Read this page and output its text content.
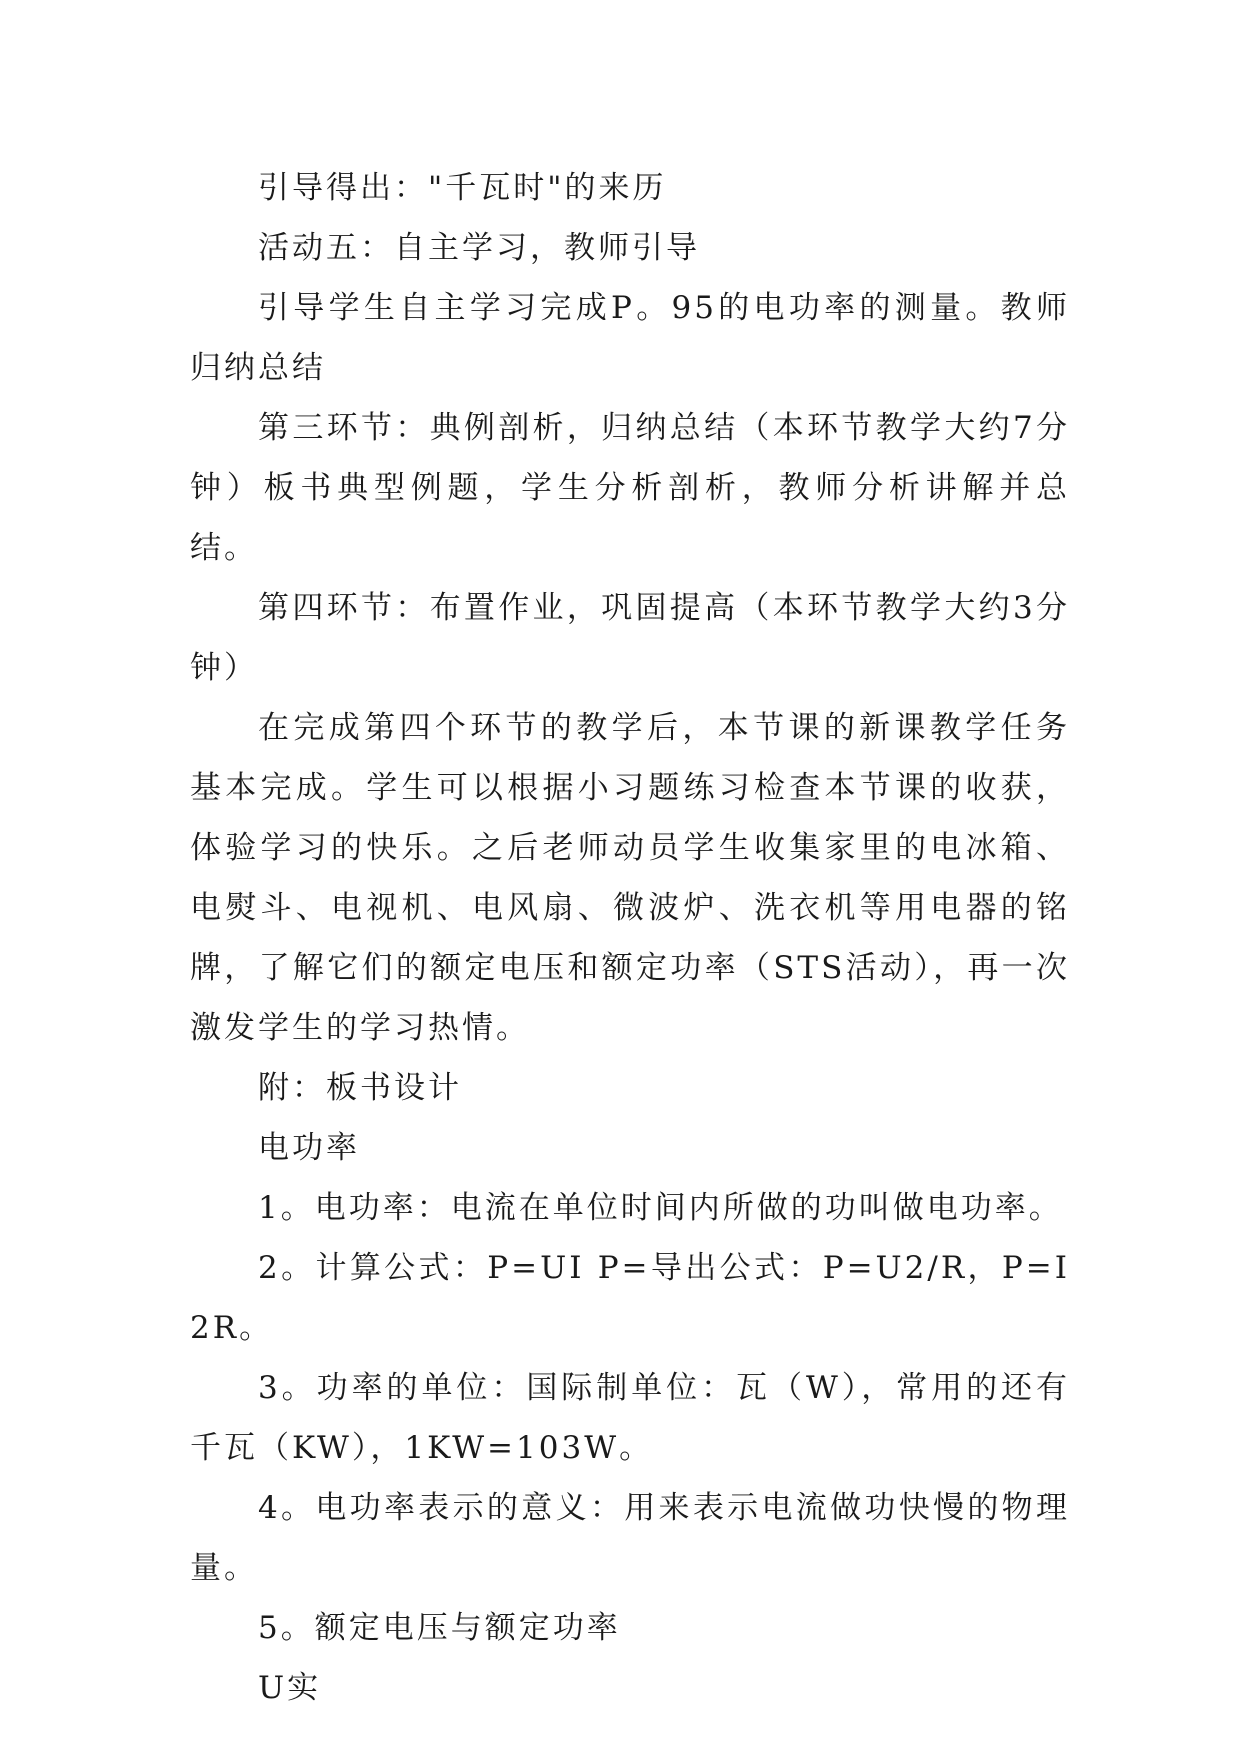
引导得出："千瓦时"的来历

活动五：自主学习，教师引导

引导学生自主学习完成P。95的电功率的测量。教师归纳总结

第三环节：典例剖析，归纳总结（本环节教学大约7分钟）板书典型例题，学生分析剖析，教师分析讲解并总结。

第四环节：布置作业，巩固提高（本环节教学大约3分钟）

在完成第四个环节的教学后，本节课的新课教学任务基本完成。学生可以根据小习题练习检查本节课的收获，体验学习的快乐。之后老师动员学生收集家里的电冰箱、电熨斗、电视机、电风扇、微波炉、洗衣机等用电器的铭牌，了解它们的额定电压和额定功率（STS活动），再一次激发学生的学习热情。

附：板书设计

电功率

1。电功率：电流在单位时间内所做的功叫做电功率。

2。计算公式：P=UI P=导出公式：P=U2/R，P=I2R。

3。功率的单位：国际制单位：瓦（W），常用的还有千瓦（KW），1KW=103W。

4。电功率表示的意义：用来表示电流做功快慢的物理量。

5。额定电压与额定功率

U实
